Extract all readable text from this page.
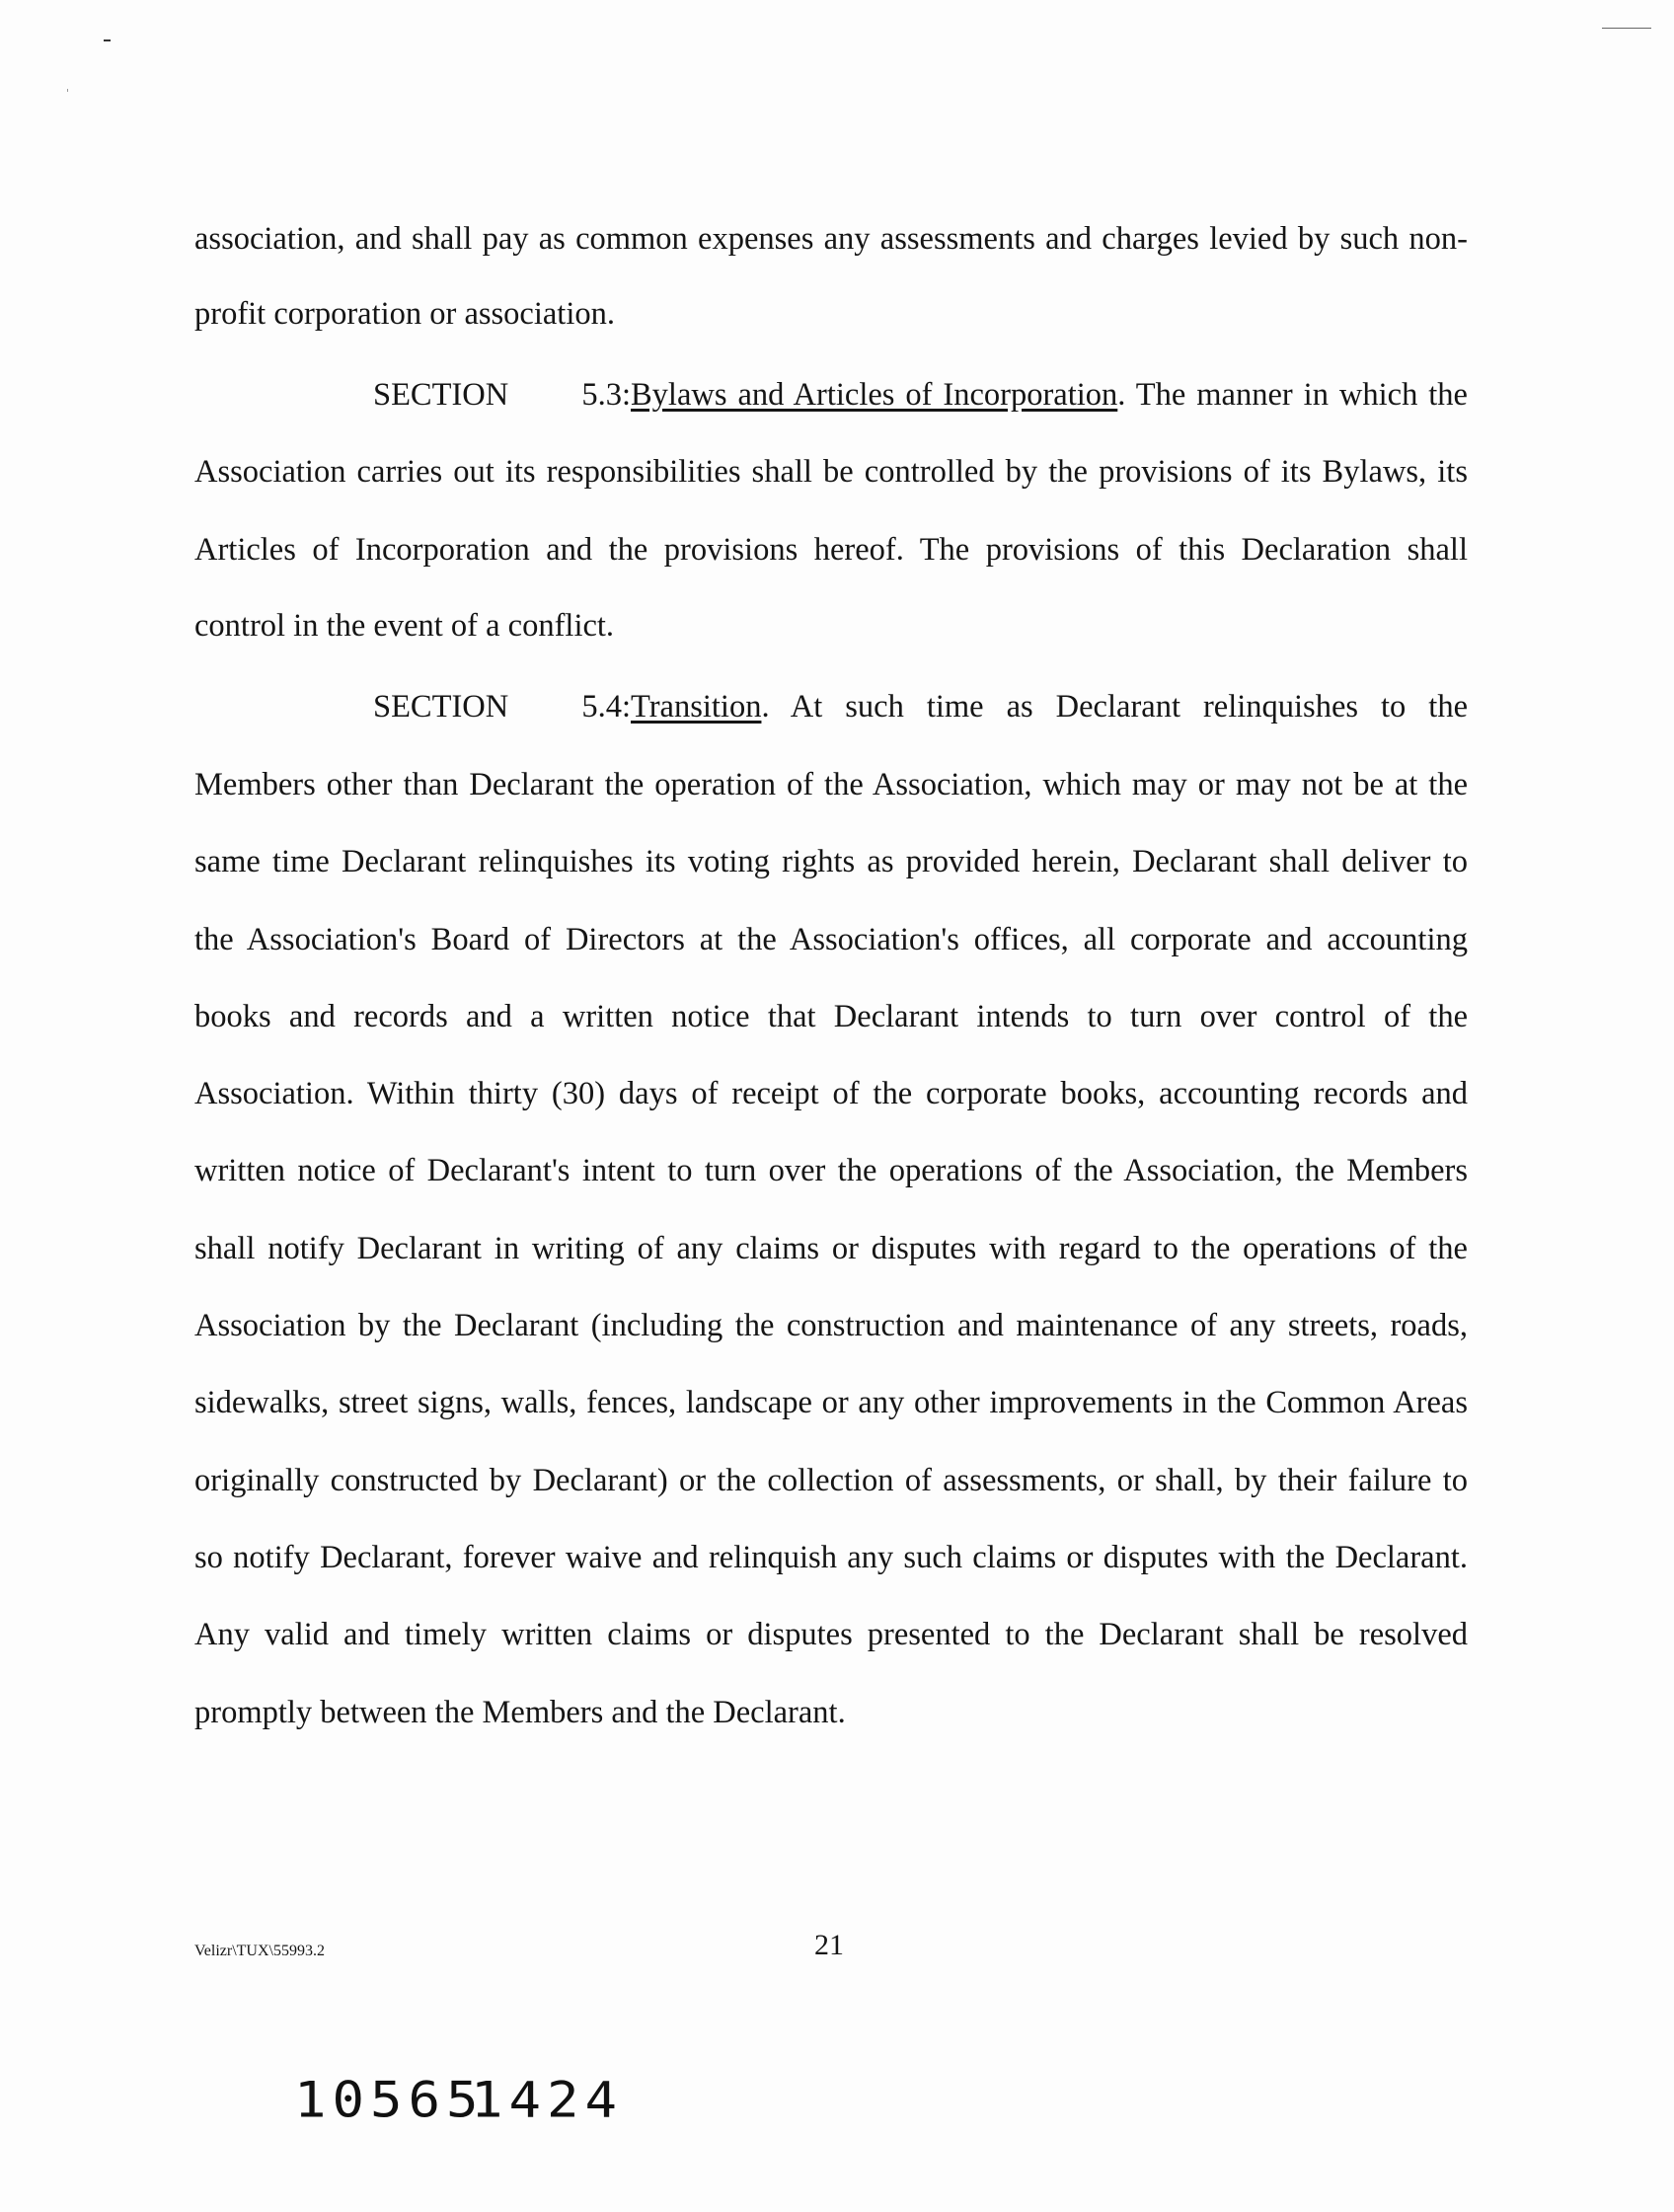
association, and shall pay as common expenses any assessments and charges levied by such non-
profit corporation or association.
SECTION 5.3:Bylaws and Articles of Incorporation. The manner in which the
Association carries out its responsibilities shall be controlled by the provisions of its Bylaws, its
Articles of Incorporation and the provisions hereof. The provisions of this Declaration shall
control in the event of a conflict.
SECTION 5.4:Transition. At such time as Declarant relinquishes to the
Members other than Declarant the operation of the Association, which may or may not be at the
same time Declarant relinquishes its voting rights as provided herein, Declarant shall deliver to
the Association's Board of Directors at the Association's offices, all corporate and accounting
books and records and a written notice that Declarant intends to turn over control of the
Association. Within thirty (30) days of receipt of the corporate books, accounting records and
written notice of Declarant's intent to turn over the operations of the Association, the Members
shall notify Declarant in writing of any claims or disputes with regard to the operations of the
Association by the Declarant (including the construction and maintenance of any streets, roads,
sidewalks, street signs, walls, fences, landscape or any other improvements in the Common Areas
originally constructed by Declarant) or the collection of assessments, or shall, by their failure to
so notify Declarant, forever waive and relinquish any such claims or disputes with the Declarant.
Any valid and timely written claims or disputes presented to the Declarant shall be resolved
promptly between the Members and the Declarant.
Velizr\TUX\55993.2	21
10565
1424
